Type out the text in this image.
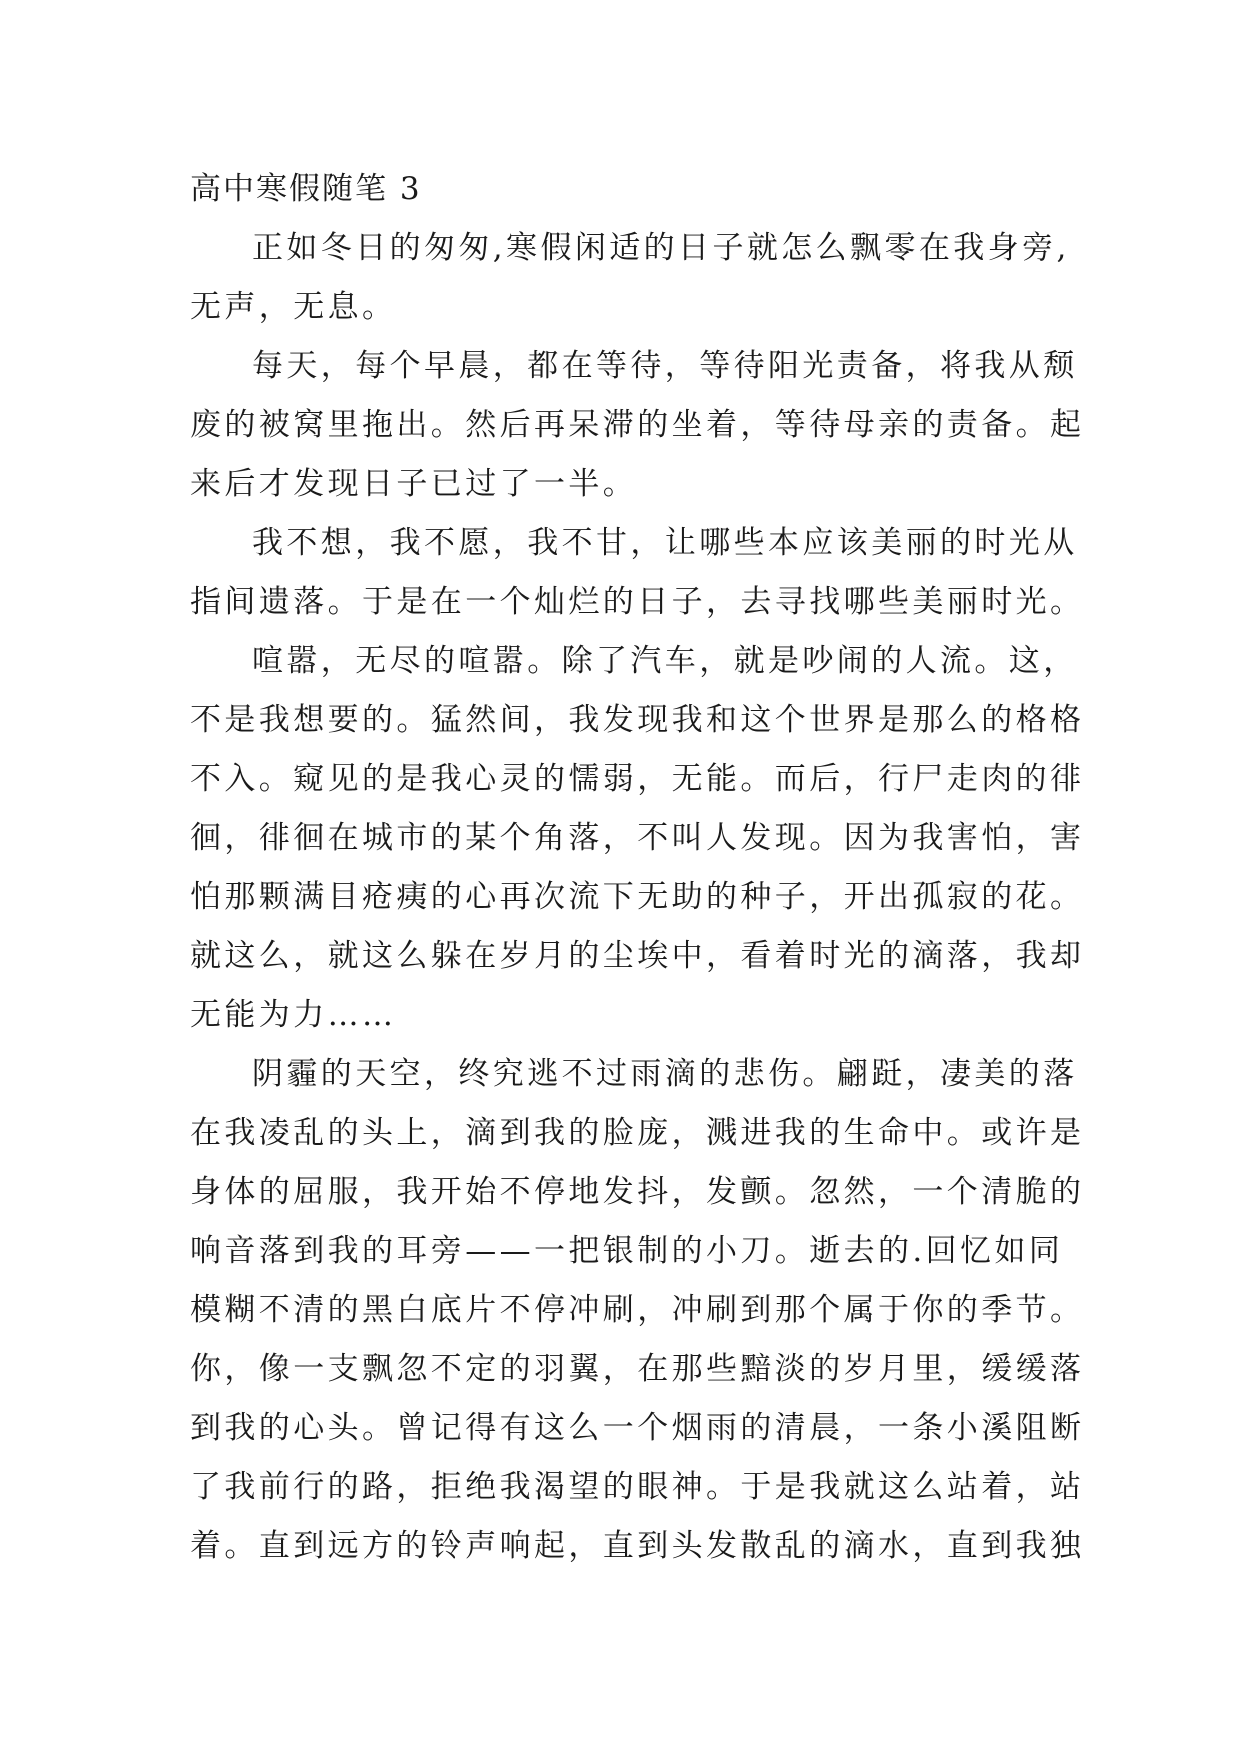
高中寒假随笔 3

正如冬日的匆匆,寒假闲适的日子就怎么飘零在我身旁,
无声，无息。

每天，每个早晨，都在等待，等待阳光责备，将我从颓
废的被窝里拖出。然后再呆滞的坐着，等待母亲的责备。起
来后才发现日子已过了一半。

我不想，我不愿，我不甘，让哪些本应该美丽的时光从
指间遗落。于是在一个灿烂的日子，去寻找哪些美丽时光。

喧嚣，无尽的喧嚣。除了汽车，就是吵闹的人流。这，
不是我想要的。猛然间，我发现我和这个世界是那么的格格
不入。窥见的是我心灵的懦弱，无能。而后，行尸走肉的徘
徊，徘徊在城市的某个角落，不叫人发现。因为我害怕，害
怕那颗满目疮痍的心再次流下无助的种子，开出孤寂的花。
就这么，就这么躲在岁月的尘埃中，看着时光的滴落，我却
无能为力……

阴霾的天空，终究逃不过雨滴的悲伤。翩跹，凄美的落
在我凌乱的头上，滴到我的脸庞，溅进我的生命中。或许是
身体的屈服，我开始不停地发抖，发颤。忽然，一个清脆的
响音落到我的耳旁——一把银制的小刀。逝去的.回忆如同
模糊不清的黑白底片不停冲刷，冲刷到那个属于你的季节。
你，像一支飘忽不定的羽翼，在那些黯淡的岁月里，缓缓落
到我的心头。曾记得有这么一个烟雨的清晨，一条小溪阻断
了我前行的路，拒绝我渴望的眼神。于是我就这么站着，站
着。直到远方的铃声响起，直到头发散乱的滴水，直到我独
